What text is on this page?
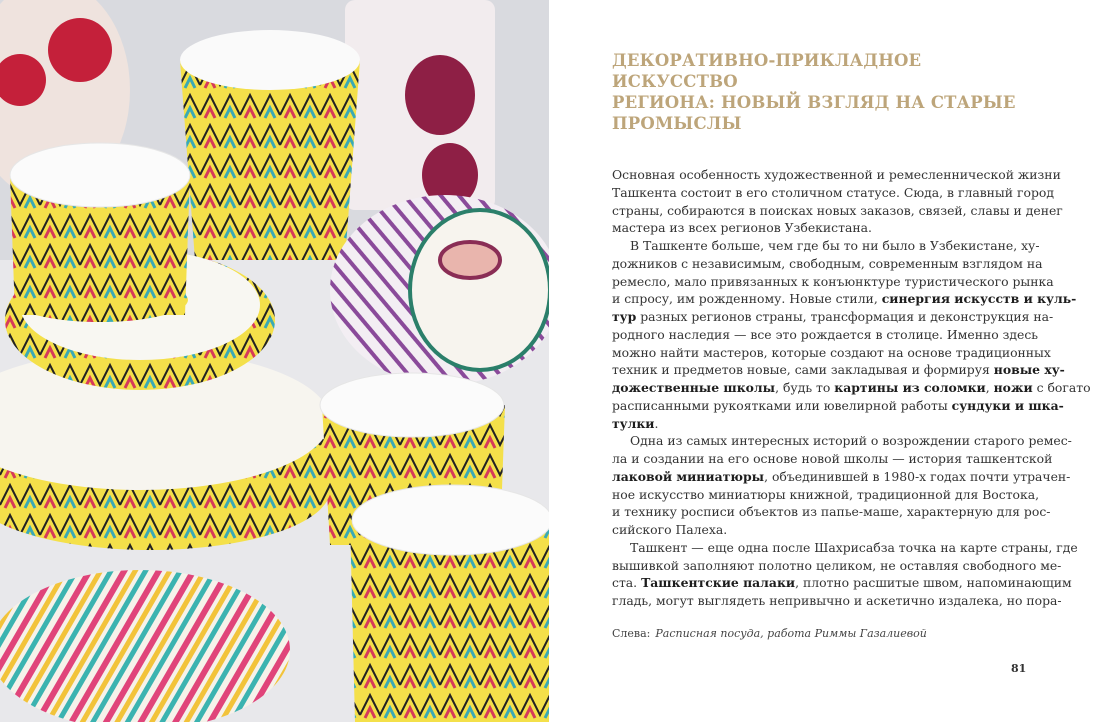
ДЕКОРАТИВНО-ПРИКЛАДНОЕ ИСКУССТВО
РЕГИОНА: НОВЫЙ ВЗГЛЯД НА СТАРЫЕ
ПРОМЫСЛЫ
Основная особенность художественной и ремесленнической жизни
Ташкента состоит в его столичном статусе. Сюда, в главный город
страны, собираются в поисках новых заказов, связей, славы и денег
мастера из всех регионов Узбекистана.
В Ташкенте больше, чем где бы то ни было в Узбекистане, ху-
дожников с независимым, свободным, современным взглядом на
ремесло, мало привязанных к конъюнктуре туристического рынка
и спросу, им рожденному. Новые стили, синергия искусств и куль-
тур разных регионов страны, трансформация и деконструкция на-
родного наследия — все это рождается в столице. Именно здесь
можно найти мастеров, которые создают на основе традиционных
техник и предметов новые, сами закладывая и формируя новые ху-
дожественные школы, будь то картины из соломки, ножи с богато
расписанными рукоятками или ювелирной работы сундуки и шка-
тулки.
Одна из самых интересных историй о возрождении старого ремес-
ла и создании на его основе новой школы — история ташкентской
лаковой миниатюры, объединившей в 1980-х годах почти утрачен-
ное искусство миниатюры книжной, традиционной для Востока,
и технику росписи объектов из папье-маше, характерную для рос-
сийского Палеха.
Ташкент — еще одна после Шахрисабза точка на карте страны, где
вышивкой заполняют полотно целиком, не оставляя свободного ме-
ста. Ташкентские палаки, плотно расшитые швом, напоминающим
гладь, могут выглядеть непривычно и аскетично издалека, но пора-
Слева: Расписная посуда, работа Риммы Газалиевой
81
